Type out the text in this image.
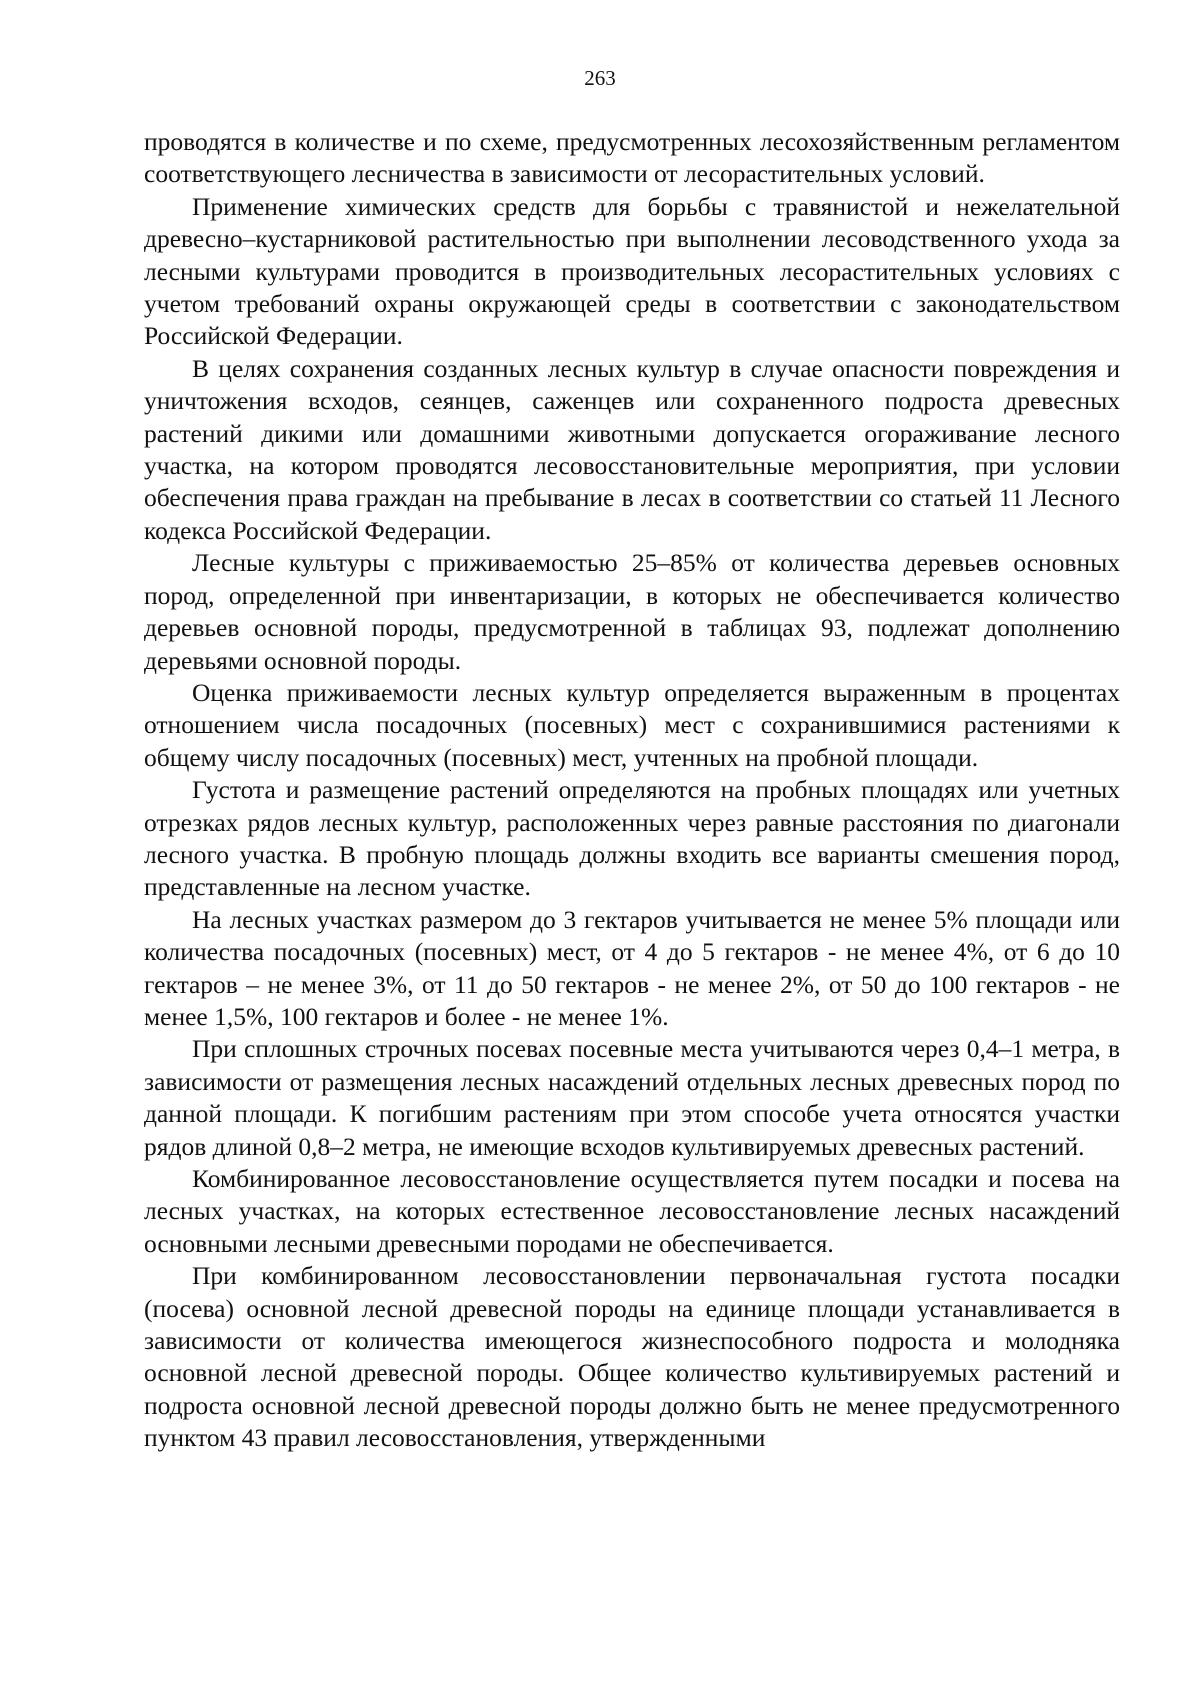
263

проводятся в количестве и по схеме, предусмотренных лесохозяйственным регламентом соответствующего лесничества в зависимости от лесорастительных условий.

Применение химических средств для борьбы с травянистой и нежелательной древесно–кустарниковой растительностью при выполнении лесоводственного ухода за лесными культурами проводится в производительных лесорастительных условиях с учетом требований охраны окружающей среды в соответствии с законодательством Российской Федерации.

В целях сохранения созданных лесных культур в случае опасности повреждения и уничтожения всходов, сеянцев, саженцев или сохраненного подроста древесных растений дикими или домашними животными допускается огораживание лесного участка, на котором проводятся лесовосстановительные мероприятия, при условии обеспечения права граждан на пребывание в лесах в соответствии со статьей 11 Лесного кодекса Российской Федерации.

Лесные культуры с приживаемостью 25–85% от количества деревьев основных пород, определенной при инвентаризации, в которых не обеспечивается количество деревьев основной породы, предусмотренной в таблицах 93, подлежат дополнению деревьями основной породы.

Оценка приживаемости лесных культур определяется выраженным в процентах отношением числа посадочных (посевных) мест с сохранившимися растениями к общему числу посадочных (посевных) мест, учтенных на пробной площади.

Густота и размещение растений определяются на пробных площадях или учетных отрезках рядов лесных культур, расположенных через равные расстояния по диагонали лесного участка. В пробную площадь должны входить все варианты смешения пород, представленные на лесном участке.

На лесных участках размером до 3 гектаров учитывается не менее 5% площади или количества посадочных (посевных) мест, от 4 до 5 гектаров - не менее 4%, от 6 до 10 гектаров – не менее 3%, от 11 до 50 гектаров - не менее 2%, от 50 до 100 гектаров - не менее 1,5%, 100 гектаров и более - не менее 1%.

При сплошных строчных посевах посевные места учитываются через 0,4–1 метра, в зависимости от размещения лесных насаждений отдельных лесных древесных пород по данной площади. К погибшим растениям при этом способе учета относятся участки рядов длиной 0,8–2 метра, не имеющие всходов культивируемых древесных растений.

Комбинированное лесовосстановление осуществляется путем посадки и посева на лесных участках, на которых естественное лесовосстановление лесных насаждений основными лесными древесными породами не обеспечивается.

При комбинированном лесовосстановлении первоначальная густота посадки (посева) основной лесной древесной породы на единице площади устанавливается в зависимости от количества имеющегося жизнеспособного подроста и молодняка основной лесной древесной породы. Общее количество культивируемых растений и подроста основной лесной древесной породы должно быть не менее предусмотренного пунктом 43 правил лесовосстановления, утвержденными
